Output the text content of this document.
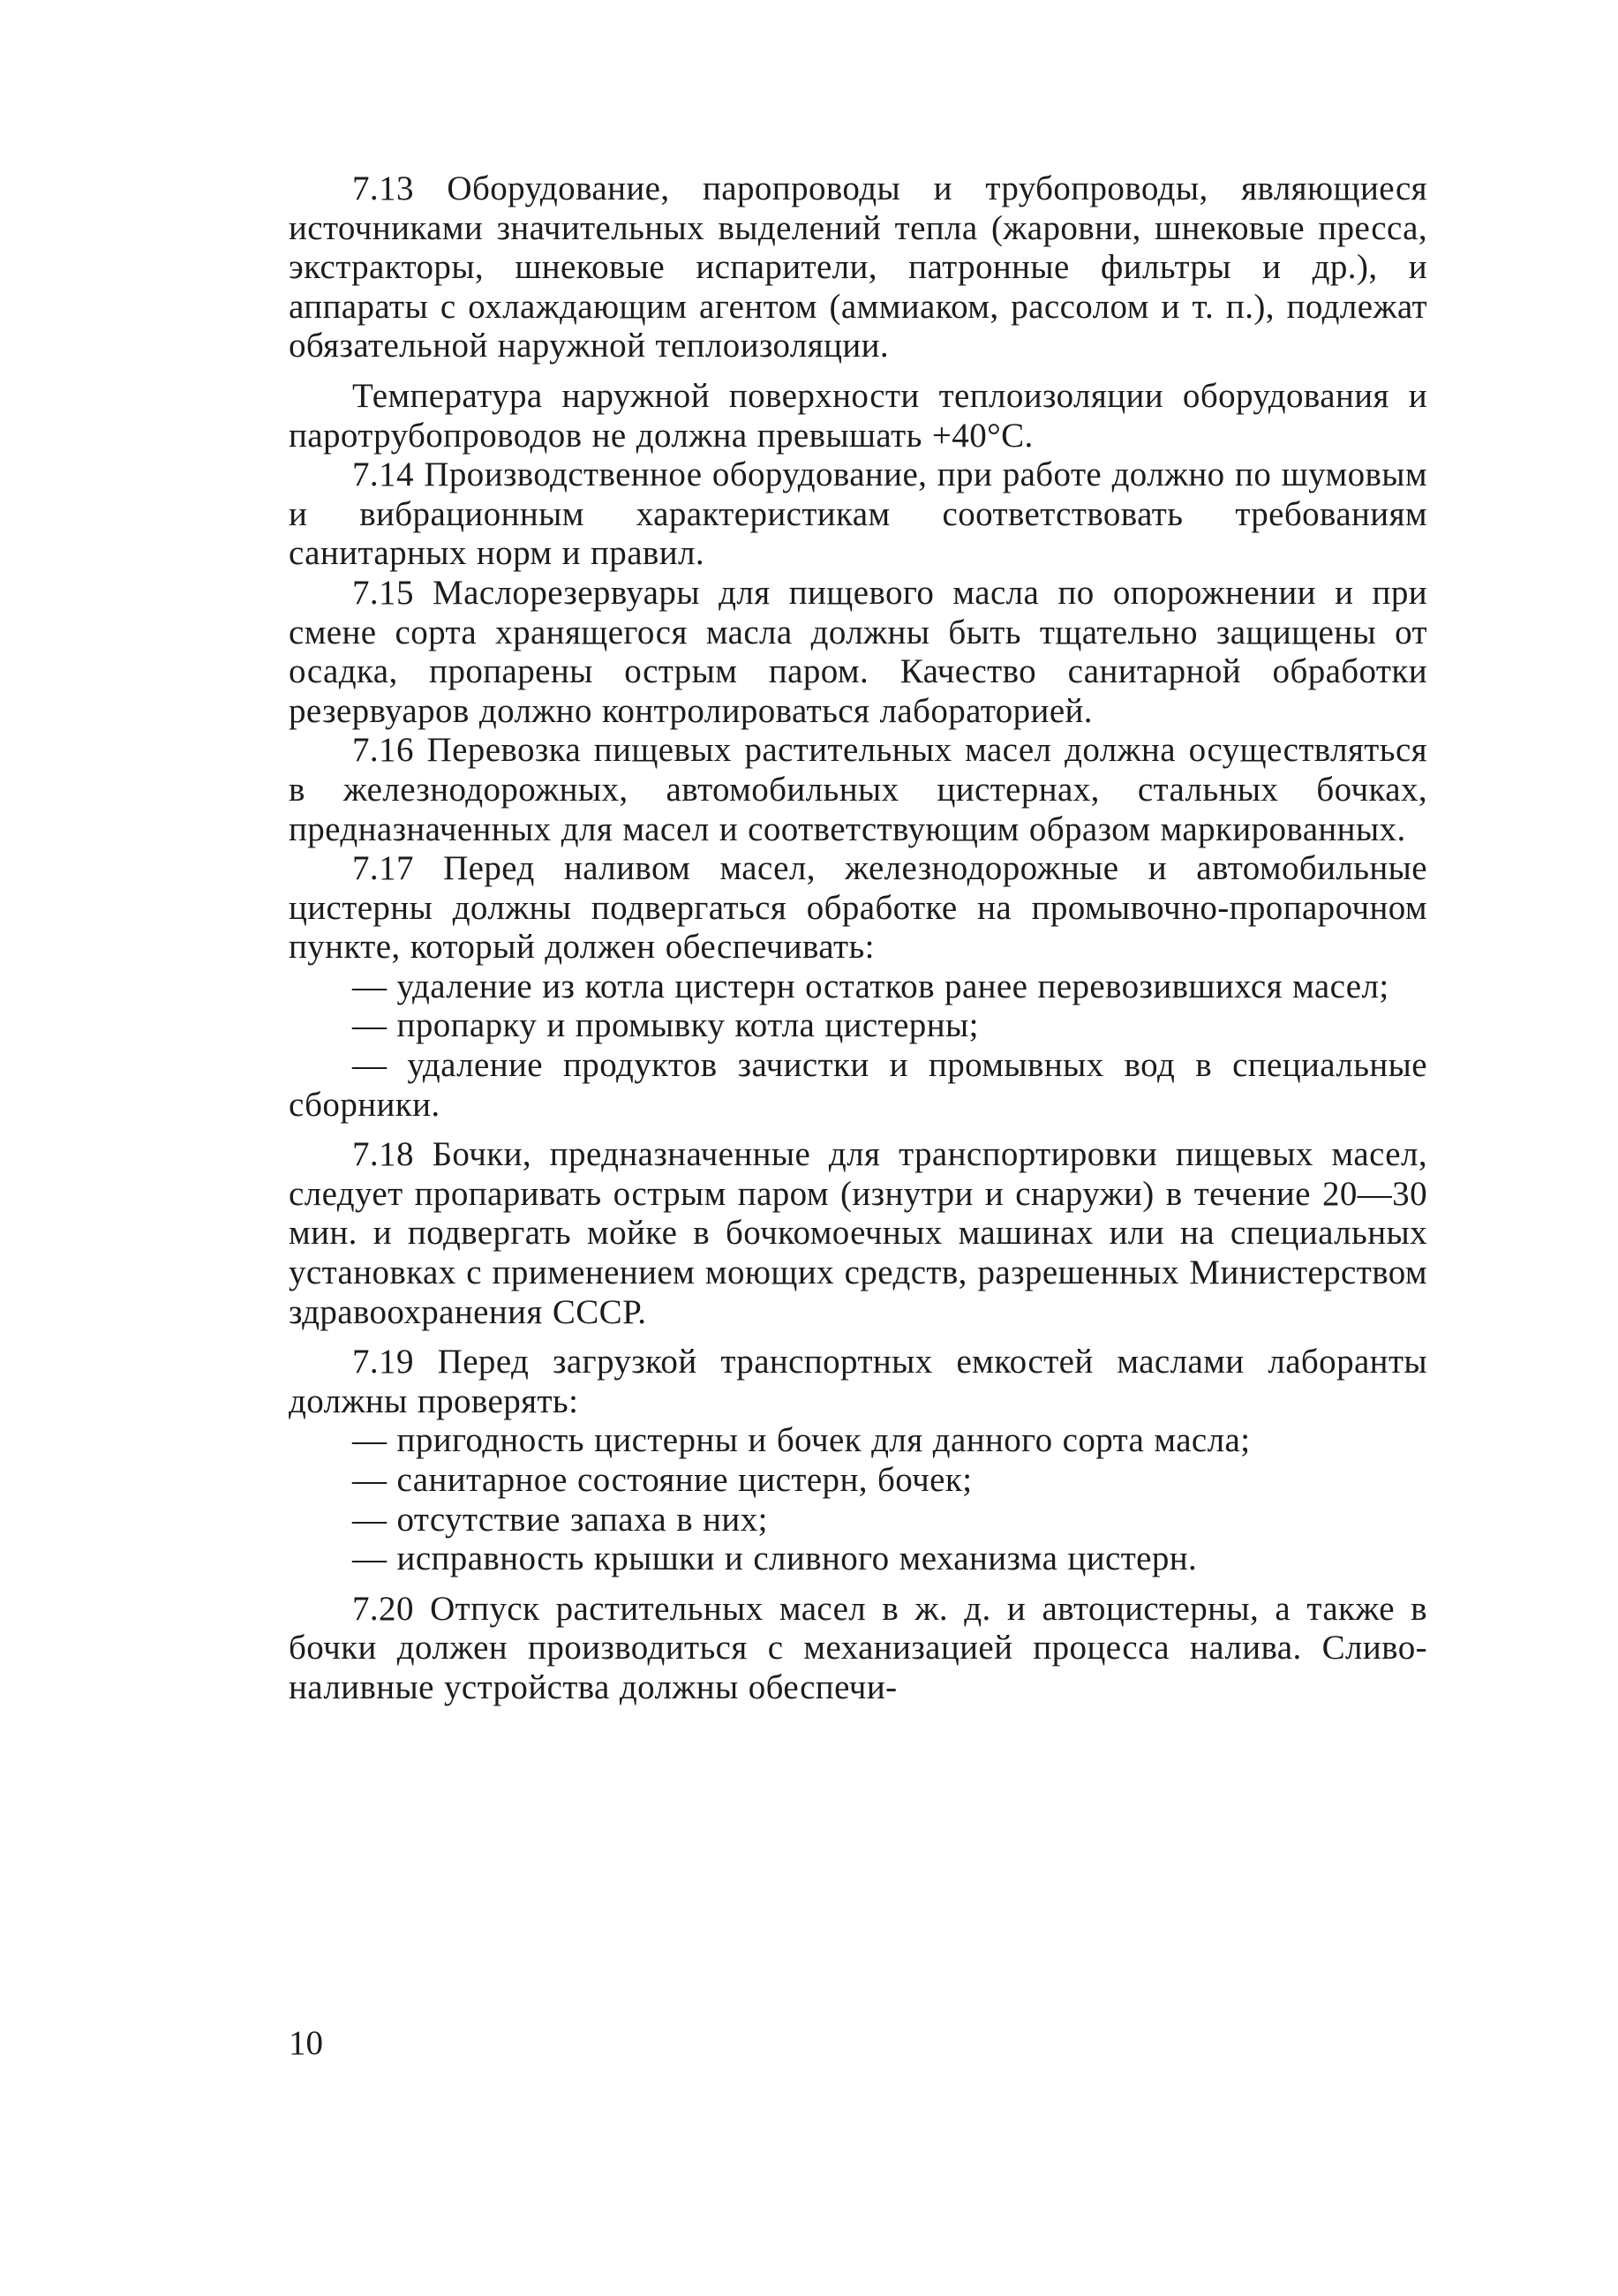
7.13 Оборудование, паропроводы и трубопроводы, являющиеся источниками значительных выделений тепла (жаровни, шнековые пресса, экстракторы, шнековые испарители, патронные фильтры и др.), и аппараты с охлаждающим агентом (аммиаком, рассолом и т. п.), подлежат обязательной наружной теплоизоляции.

Температура наружной поверхности теплоизоляции оборудования и паротрубопроводов не должна превышать +40°С.

7.14 Производственное оборудование, при работе должно по шумовым и вибрационным характеристикам соответствовать требованиям санитарных норм и правил.

7.15 Маслорезервуары для пищевого масла по опорожнении и при смене сорта хранящегося масла должны быть тщательно защищены от осадка, пропарены острым паром. Качество санитарной обработки резервуаров должно контролироваться лабораторией.

7.16 Перевозка пищевых растительных масел должна осуществляться в железнодорожных, автомобильных цистернах, стальных бочках, предназначенных для масел и соответствующим образом маркированных.

7.17 Перед наливом масел, железнодорожные и автомобильные цистерны должны подвергаться обработке на промывочно-пропарочном пункте, который должен обеспечивать:

— удаление из котла цистерн остатков ранее перевозившихся масел;

— пропарку и промывку котла цистерны;

— удаление продуктов зачистки и промывных вод в специальные сборники.

7.18 Бочки, предназначенные для транспортировки пищевых масел, следует пропаривать острым паром (изнутри и снаружи) в течение 20—30 мин. и подвергать мойке в бочкомоечных машинах или на специальных установках с применением моющих средств, разрешенных Министерством здравоохранения СССР.

7.19 Перед загрузкой транспортных емкостей маслами лаборанты должны проверять:

— пригодность цистерны и бочек для данного сорта масла;

— санитарное состояние цистерн, бочек;

— отсутствие запаха в них;

— исправность крышки и сливного механизма цистерн.

7.20 Отпуск растительных масел в ж. д. и автоцистерны, а также в бочки должен производиться с механизацией процесса налива. Сливо-наливные устройства должны обеспечи-

10
